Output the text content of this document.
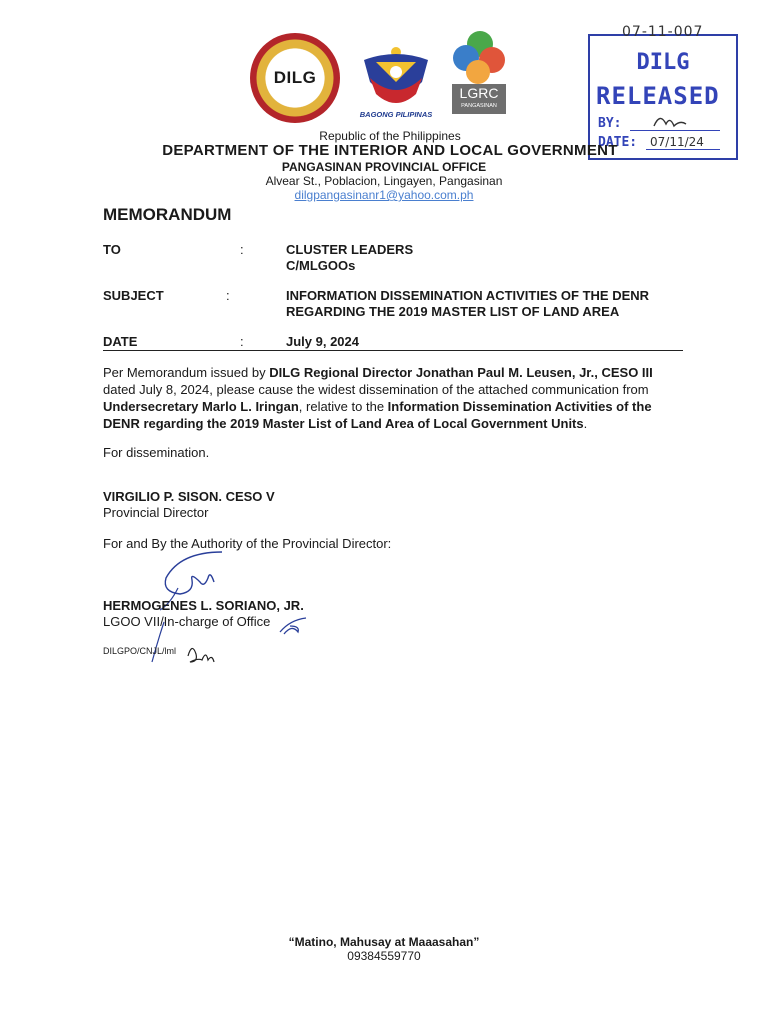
DILG
BAGONG PILIPINAS
LGRC
PANGASINAN
07-11-007
DILG
RELEASED
BY:
DATE: 07/11/24
Republic of the Philippines
DEPARTMENT OF THE INTERIOR AND LOCAL GOVERNMENT
PANGASINAN PROVINCIAL OFFICE
Alvear St., Poblacion, Lingayen, Pangasinan
dilgpangasinanr1@yahoo.com.ph
MEMORANDUM
TO	:	CLUSTER LEADERS
C/MLGOOs
SUBJECT	:	INFORMATION DISSEMINATION ACTIVITIES OF THE DENR
REGARDING THE 2019 MASTER LIST OF LAND AREA
DATE	:	July 9, 2024
Per Memorandum issued by DILG Regional Director Jonathan Paul M. Leusen, Jr., CESO III dated July 8, 2024, please cause the widest dissemination of the attached communication from Undersecretary Marlo L. Iringan, relative to the Information Dissemination Activities of the DENR regarding the 2019 Master List of Land Area of Local Government Units.
For dissemination.
VIRGILIO P. SISON. CESO V
Provincial Director
For and By the Authority of the Provincial Director:
HERMOGENES L. SORIANO, JR.
LGOO VII/In-charge of Office
DILGPO/CNJL/lml
“Matino, Mahusay at Maaasahan”
09384559770
